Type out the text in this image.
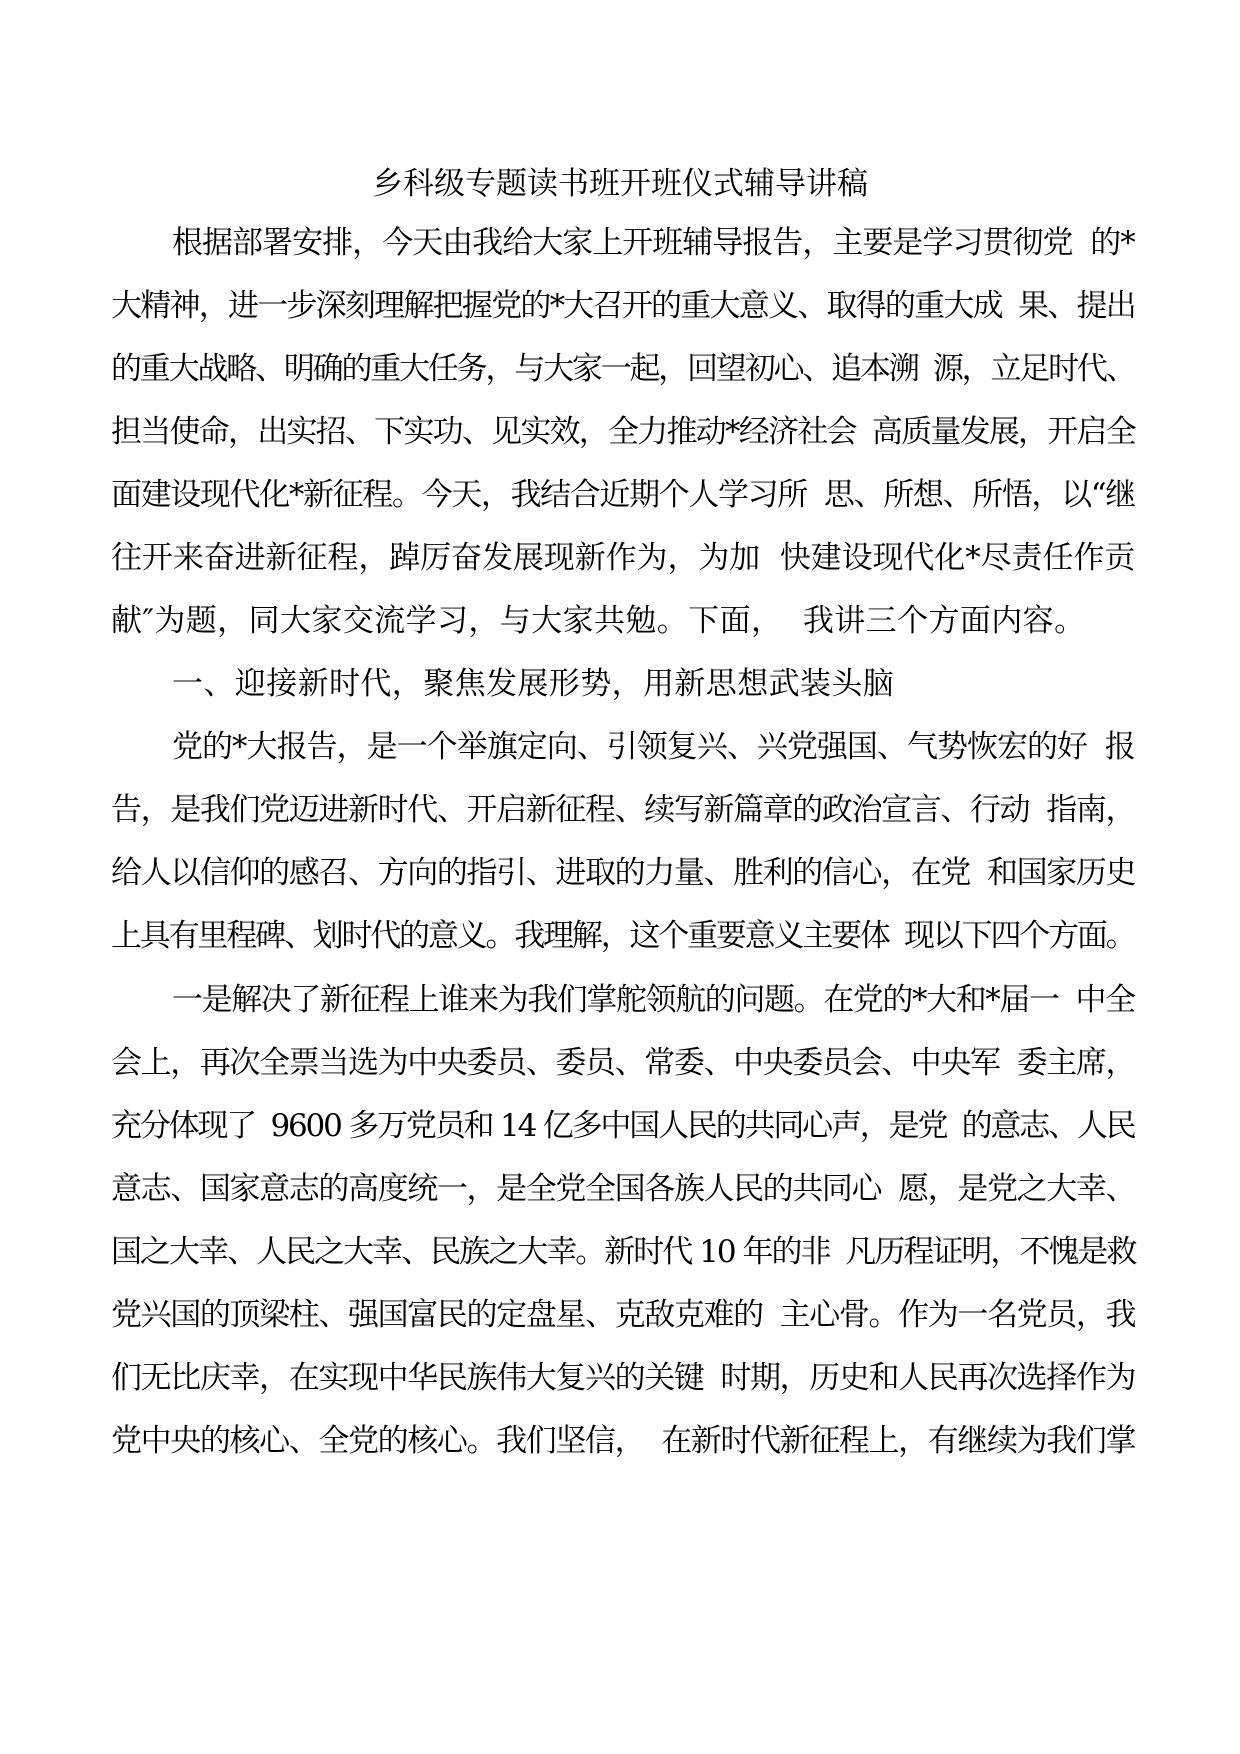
乡科级专题读书班开班仪式辅导讲稿
根据部署安排，今天由我给大家上开班辅导报告，主要是学习贯彻党  的*
大精神，进一步深刻理解把握党的*大召开的重大意义、取得的重大成  果、提出
的重大战略、明确的重大任务，与大家一起，回望初心、追本溯  源，立足时代、
担当使命，出实招、下实功、见实效，全力推动*经济社会  高质量发展，开启全
面建设现代化*新征程。今天，我结合近期个人学习所  思、所想、所悟，以“继
往开来奋进新征程，踔厉奋发展现新作为，为加  快建设现代化*尽责任作贡
献″为题，同大家交流学习，与大家共勉。下面，  我讲三个方面内容。
一、迎接新时代，聚焦发展形势，用新思想武装头脑
党的*大报告，是一个举旗定向、引领复兴、兴党强国、气势恢宏的好  报
告，是我们党迈进新时代、开启新征程、续写新篇章的政治宣言、行动  指南，
给人以信仰的感召、方向的指引、进取的力量、胜利的信心，在党  和国家历史
上具有里程碑、划时代的意义。我理解，这个重要意义主要体  现以下四个方面。
一是解决了新征程上谁来为我们掌舵领航的问题。在党的*大和*届一  中全
会上，再次全票当选为中央委员、委员、常委、中央委员会、中央军  委主席，
充分体现了  9600 多万党员和 14 亿多中国人民的共同心声，是党  的意志、人民
意志、国家意志的高度统一，是全党全国各族人民的共同心  愿，是党之大幸、
国之大幸、人民之大幸、民族之大幸。新时代 10 年的非  凡历程证明，不愧是救
党兴国的顶梁柱、强国富民的定盘星、克敌克难的  主心骨。作为一名党员，我
们无比庆幸，在实现中华民族伟大复兴的关键  时期，历史和人民再次选择作为
党中央的核心、全党的核心。我们坚信，  在新时代新征程上，有继续为我们掌
